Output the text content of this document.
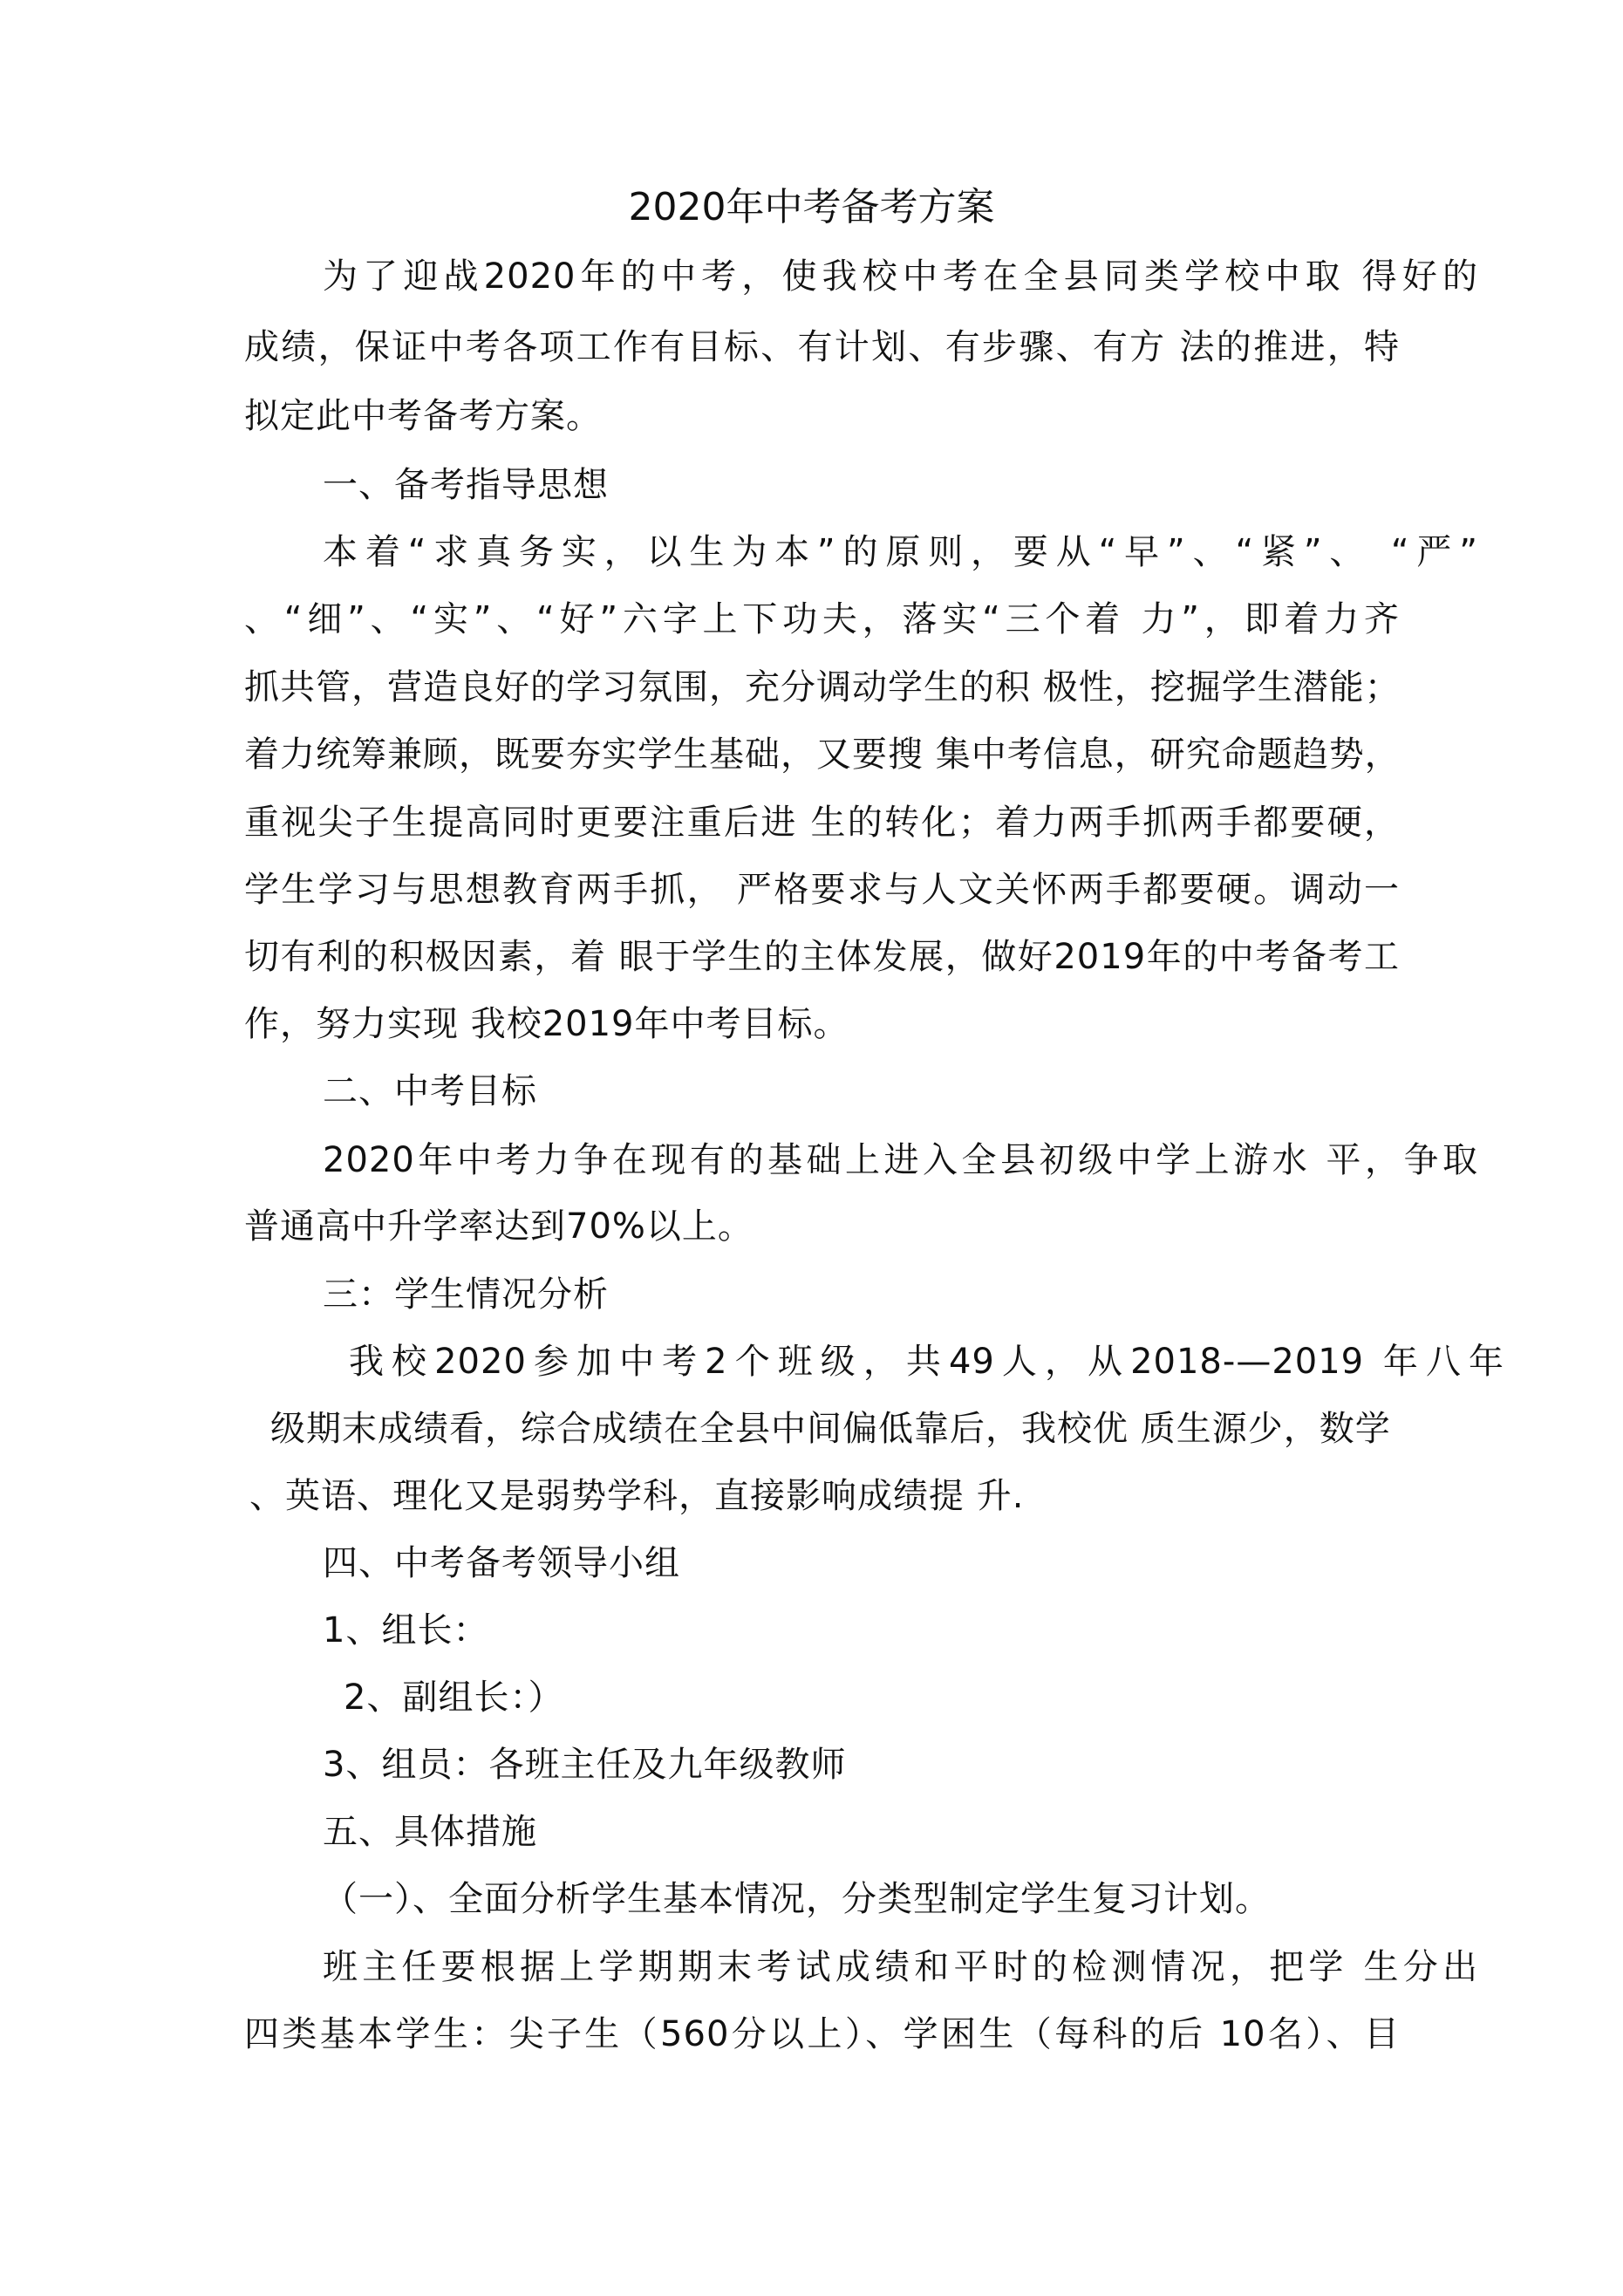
2020年中考备考方案
为了迎战2020年的中考，使我校中考在全县同类学校中取 得好的
成绩，保证中考各项工作有目标、有计划、有步骤、有方 法的推进，特
拟定此中考备考方案。
一、备考指导思想
本着“求真务实，以生为本”的原则，要从“早”、“紧”、 “严”
、“细”、“实”、“好”六字上下功夫，落实“三个着 力”，即着力齐
抓共管，营造良好的学习氛围，充分调动学生的积 极性，挖掘学生潜能；
着力统筹兼顾，既要夯实学生基础，又要搜 集中考信息，研究命题趋势，
重视尖子生提高同时更要注重后进 生的转化；着力两手抓两手都要硬，
学生学习与思想教育两手抓， 严格要求与人文关怀两手都要硬。调动一
切有利的积极因素，着 眼于学生的主体发展，做好2019年的中考备考工
作，努力实现 我校2019年中考目标。
二、中考目标
2020年中考力争在现有的基础上进入全县初级中学上游水 平，争取
普通高中升学率达到70%以上。
三：学生情况分析
我校2020参加中考2个班级，共49人，从2018-—2019 年八年
级期末成绩看，综合成绩在全县中间偏低靠后，我校优 质生源少，数学
、英语、理化又是弱势学科，直接影响成绩提 升.
四、中考备考领导小组
1、组长：
2、副组长：）
3、组员：各班主任及九年级教师
五、具体措施
（一）、全面分析学生基本情况，分类型制定学生复习计划。
班主任要根据上学期期末考试成绩和平时的检测情况，把学 生分出
四类基本学生：尖子生（560分以上）、学困生（每科的后 10名）、目
